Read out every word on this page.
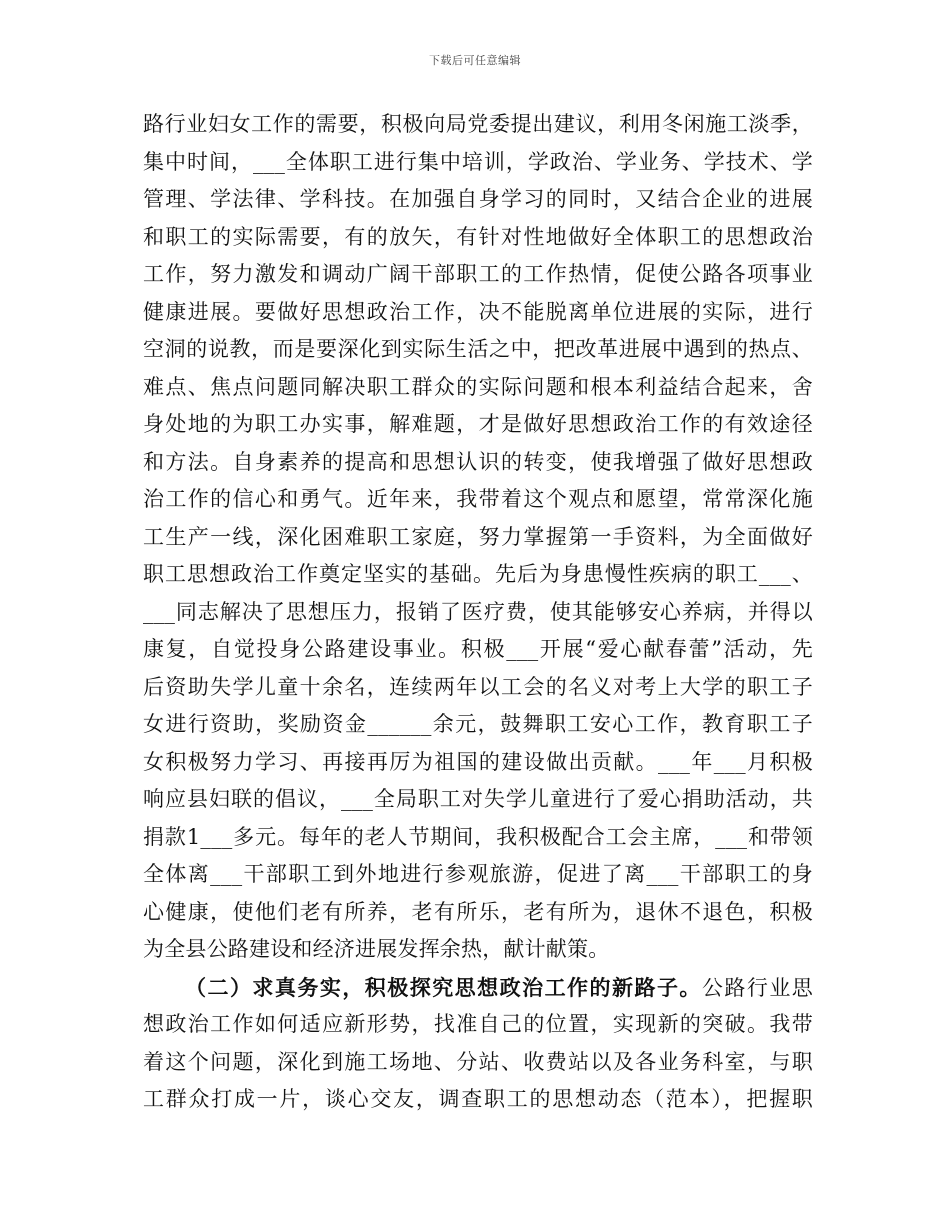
下载后可任意编辑
路行业妇女工作的需要，积极向局党委提出建议，利用冬闲施工淡季，
集中时间，___全体职工进行集中培训，学政治、学业务、学技术、学
管理、学法律、学科技。在加强自身学习的同时，又结合企业的进展
和职工的实际需要，有的放矢，有针对性地做好全体职工的思想政治
工作，努力激发和调动广阔干部职工的工作热情，促使公路各项事业
健康进展。要做好思想政治工作，决不能脱离单位进展的实际，进行
空洞的说教，而是要深化到实际生活之中，把改革进展中遇到的热点、
难点、焦点问题同解决职工群众的实际问题和根本利益结合起来，舍
身处地的为职工办实事，解难题，才是做好思想政治工作的有效途径
和方法。自身素养的提高和思想认识的转变，使我增强了做好思想政
治工作的信心和勇气。近年来，我带着这个观点和愿望，常常深化施
工生产一线，深化困难职工家庭，努力掌握第一手资料，为全面做好
职工思想政治工作奠定坚实的基础。先后为身患慢性疾病的职工___、
___同志解决了思想压力，报销了医疗费，使其能够安心养病，并得以
康复，自觉投身公路建设事业。积极___开展“爱心献春蕾”活动，先
后资助失学儿童十余名，连续两年以工会的名义对考上大学的职工子
女进行资助，奖励资金______余元，鼓舞职工安心工作，教育职工子
女积极努力学习、再接再厉为祖国的建设做出贡献。___年___月积极
响应县妇联的倡议，___全局职工对失学儿童进行了爱心捐助活动，共
捐款1___多元。每年的老人节期间，我积极配合工会主席，___和带领
全体离___干部职工到外地进行参观旅游，促进了离___干部职工的身
心健康，使他们老有所养，老有所乐，老有所为，退休不退色，积极
为全县公路建设和经济进展发挥余热，献计献策。
（二）求真务实，积极探究思想政治工作的新路子。公路行业思
想政治工作如何适应新形势，找准自己的位置，实现新的突破。我带
着这个问题，深化到施工场地、分站、收费站以及各业务科室，与职
工群众打成一片，谈心交友，调查职工的思想动态（范本），把握职
